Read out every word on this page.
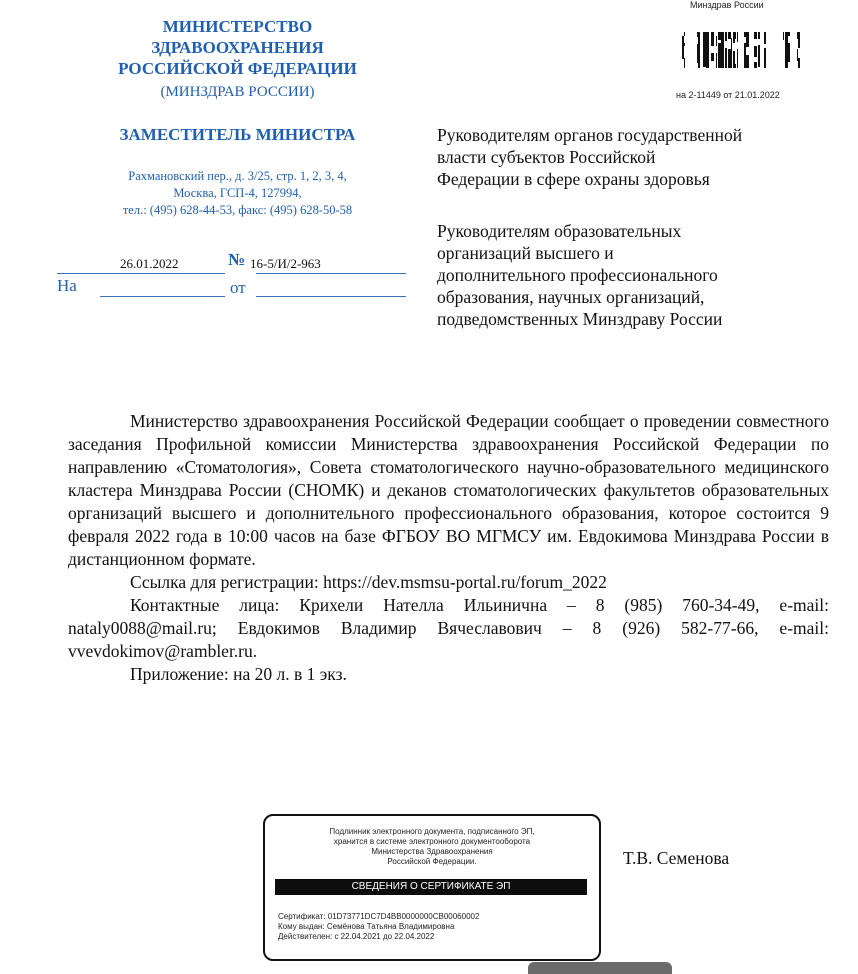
МИНИСТЕРСТВО
ЗДРАВООХРАНЕНИЯ
РОССИЙСКОЙ ФЕДЕРАЦИИ
(МИНЗДРАВ РОССИИ)
ЗАМЕСТИТЕЛЬ МИНИСТРА
Рахмановский пер., д. 3/25, стр. 1, 2, 3, 4,
Москва, ГСП-4, 127994,
тел.: (495) 628-44-53, факс: (495) 628-50-58
26.01.2022	№ 16-5/И/2-963
На	от
Минздрав России
на 2-11449 от 21.01.2022
Руководителям органов государственной
власти субъектов Российской
Федерации в сфере охраны здоровья
Руководителям образовательных
организаций высшего и
дополнительного профессионального
образования, научных организаций,
подведомственных Минздраву России

Министерство здравоохранения Российской Федерации сообщает о проведении совместного заседания Профильной комиссии Министерства здравоохранения Российской Федерации по направлению «Стоматология», Совета стоматологического научно-образовательного медицинского кластера Минздрава России (СНОМК) и деканов стоматологических факультетов образовательных организаций высшего и дополнительного профессионального образования, которое состоится 9 февраля 2022 года в 10:00 часов на базе ФГБОУ ВО МГМСУ им. Евдокимова Минздрава России в дистанционном формате.

Ссылка для регистрации: https://dev.msmsu-portal.ru/forum_2022

Контактные лица: Крихели Нателла Ильинична – 8 (985) 760-34-49, e-mail: nataly0088@mail.ru; Евдокимов Владимир Вячеславович – 8 (926) 582-77-66, e-mail: vvevdokimov@rambler.ru.

Приложение: на 20 л. в 1 экз.

Подлинник электронного документа, подписанного ЭП,
хранится в системе электронного документооборота
Министерства Здравоохранения
Российской Федерации.
СВЕДЕНИЯ О СЕРТИФИКАТЕ ЭП
Сертификат: 01D73771DC7D4BB0000000CB00060002
Кому выдан: Семёнова Татьяна Владимировна
Действителен: с 22.04.2021 до 22.04.2022
Т.В. Семенова
